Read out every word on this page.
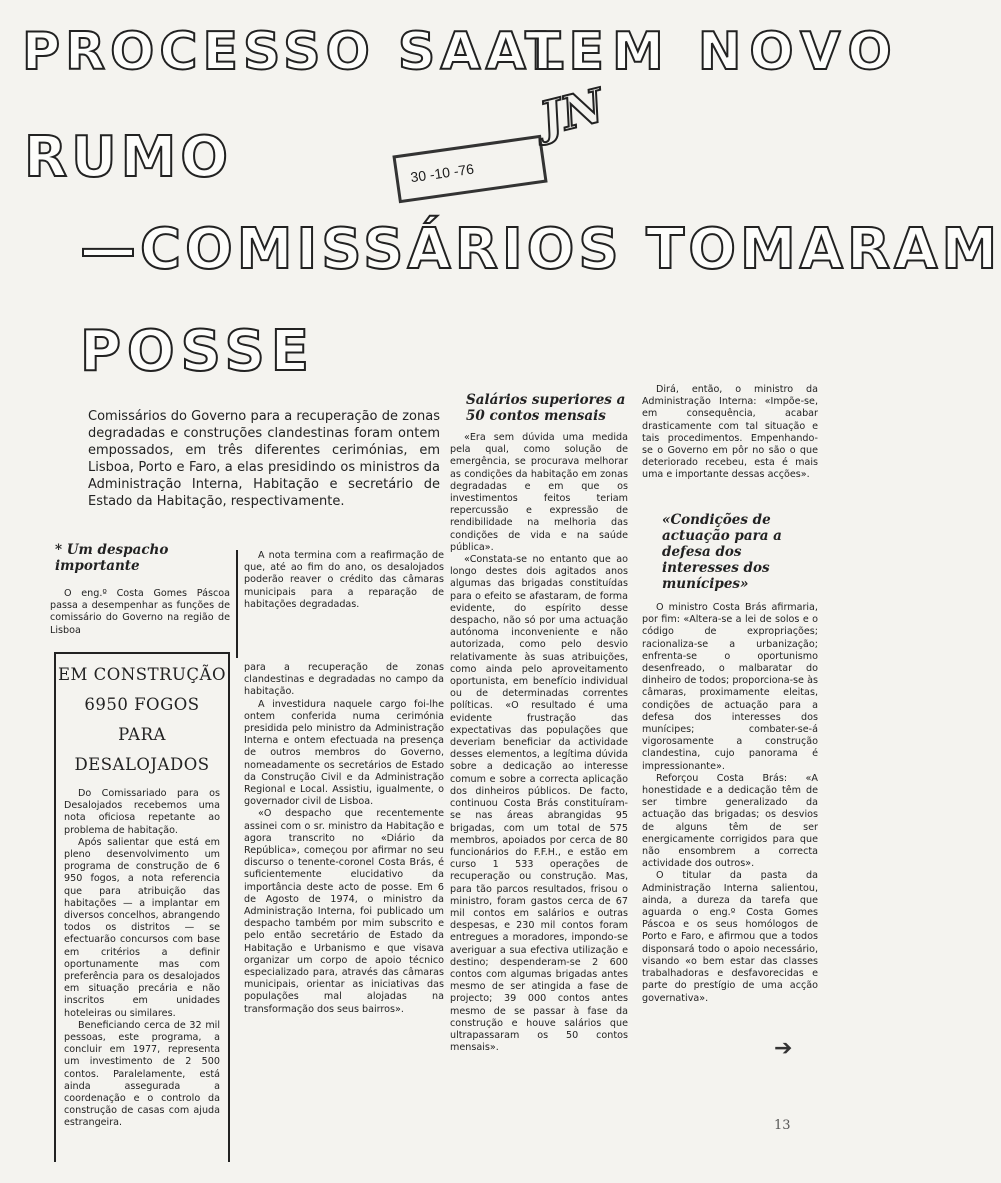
PROCESSO SAAL
TEM NOVO
RUMO
—COMISSÁRIOS TOMARAM
POSSE
30 -10 -76
JN
Comissários do Governo para a recuperação de zonas degradadas e construções clandestinas foram ontem empossados, em três diferentes cerimónias, em Lisboa, Porto e Faro, a elas presidindo os ministros da Administração Interna, Habitação e secretário de Estado da Habitação, respectivamente.
* Um despacho importante

O eng.º Costa Gomes Páscoa passa a desempenhar as funções de comissário do Governo na região de Lisboa

A nota termina com a reafirmação de que, até ao fim do ano, os desalojados poderão reaver o crédito das câmaras municipais para a reparação de habitações degradadas.

EM CONSTRUÇÃO
6950 FOGOS
PARA DESALOJADOS

Do Comissariado para os Desalojados recebemos uma nota oficiosa repetante ao problema de habitação.

Após salientar que está em pleno desenvolvimento um programa de construção de 6 950 fogos, a nota referencia que para atribuição das habitações — a implantar em diversos concelhos, abrangendo todos os distritos — se efectuarão concursos com base em critérios a definir oportunamente mas com preferência para os desalojados em situação precária e não inscritos em unidades hoteleiras ou similares.

Beneficiando cerca de 32 mil pessoas, este programa, a concluir em 1977, representa um investimento de 2 500 contos. Paralelamente, está ainda assegurada a coordenação e o controlo da construção de casas com ajuda estrangeira.

para a recuperação de zonas clandestinas e degradadas no campo da habitação.

A investidura naquele cargo foi-lhe ontem conferida numa cerimónia presidida pelo ministro da Administração Interna e ontem efectuada na presença de outros membros do Governo, nomeadamente os secretários de Estado da Construção Civil e da Administração Regional e Local. Assistiu, igualmente, o governador civil de Lisboa.

«O despacho que recentemente assinei com o sr. ministro da Habitação e agora transcrito no «Diário da República», começou por afirmar no seu discurso o tenente-coronel Costa Brás, é suficientemente elucidativo da importância deste acto de posse. Em 6 de Agosto de 1974, o ministro da Administração Interna, foi publicado um despacho também por mim subscrito e pelo então secretário de Estado da Habitação e Urbanismo e que visava organizar um corpo de apoio técnico especializado para, através das câmaras municipais, orientar as iniciativas das populações mal alojadas na transformação dos seus bairros».

Salários superiores a 50 contos mensais

«Era sem dúvida uma medida pela qual, como solução de emergência, se procurava melhorar as condições da habitação em zonas degradadas e em que os investimentos feitos teriam repercussão e expressão de rendibilidade na melhoria das condições de vida e na saúde pública».

«Constata-se no entanto que ao longo destes dois agitados anos algumas das brigadas constituídas para o efeito se afastaram, de forma evidente, do espírito desse despacho, não só por uma actuação autónoma inconveniente e não autorizada, como pelo desvio relativamente às suas atribuições, como ainda pelo aproveitamento oportunista, em benefício individual ou de determinadas correntes políticas. «O resultado é uma evidente frustração das expectativas das populações que deveriam beneficiar da actividade desses elementos, a legítima dúvida sobre a dedicação ao interesse comum e sobre a correcta aplicação dos dinheiros públicos. De facto, continuou Costa Brás constituíram-se nas áreas abrangidas 95 brigadas, com um total de 575 membros, apoiados por cerca de 80 funcionários do F.F.H., e estão em curso 1 533 operações de recuperação ou construção. Mas, para tão parcos resultados, frisou o ministro, foram gastos cerca de 67 mil contos em salários e outras despesas, e 230 mil contos foram entregues a moradores, impondo-se averiguar a sua efectiva utilização e destino; despenderam-se 2 600 contos com algumas brigadas antes mesmo de ser atingida a fase de projecto; 39 000 contos antes mesmo de se passar à fase da construção e houve salários que ultrapassaram os 50 contos mensais».

Dirá, então, o ministro da Administração Interna: «Impõe-se, em consequência, acabar drasticamente com tal situação e tais procedimentos. Empenhando-se o Governo em pôr no são o que deteriorado recebeu, esta é mais uma e importante dessas acções».

«Condições de actuação para a defesa dos interesses dos munícipes»

O ministro Costa Brás afirmaria, por fim: «Altera-se a lei de solos e o código de expropriações; racionaliza-se a urbanização; enfrenta-se o oportunismo desenfreado, o malbaratar do dinheiro de todos; proporciona-se às câmaras, proximamente eleitas, condições de actuação para a defesa dos interesses dos munícipes; combater-se-á vigorosamente a construção clandestina, cujo panorama é impressionante».

Reforçou Costa Brás: «A honestidade e a dedicação têm de ser timbre generalizado da actuação das brigadas; os desvios de alguns têm de ser energicamente corrigidos para que não ensombrem a correcta actividade dos outros».

O titular da pasta da Administração Interna salientou, ainda, a dureza da tarefa que aguarda o eng.º Costa Gomes Páscoa e os seus homólogos de Porto e Faro, e afirmou que a todos disponsará todo o apoio necessário, visando «o bem estar das classes trabalhadoras e desfavorecidas e parte do prestígio de uma acção governativa».

➔
13
